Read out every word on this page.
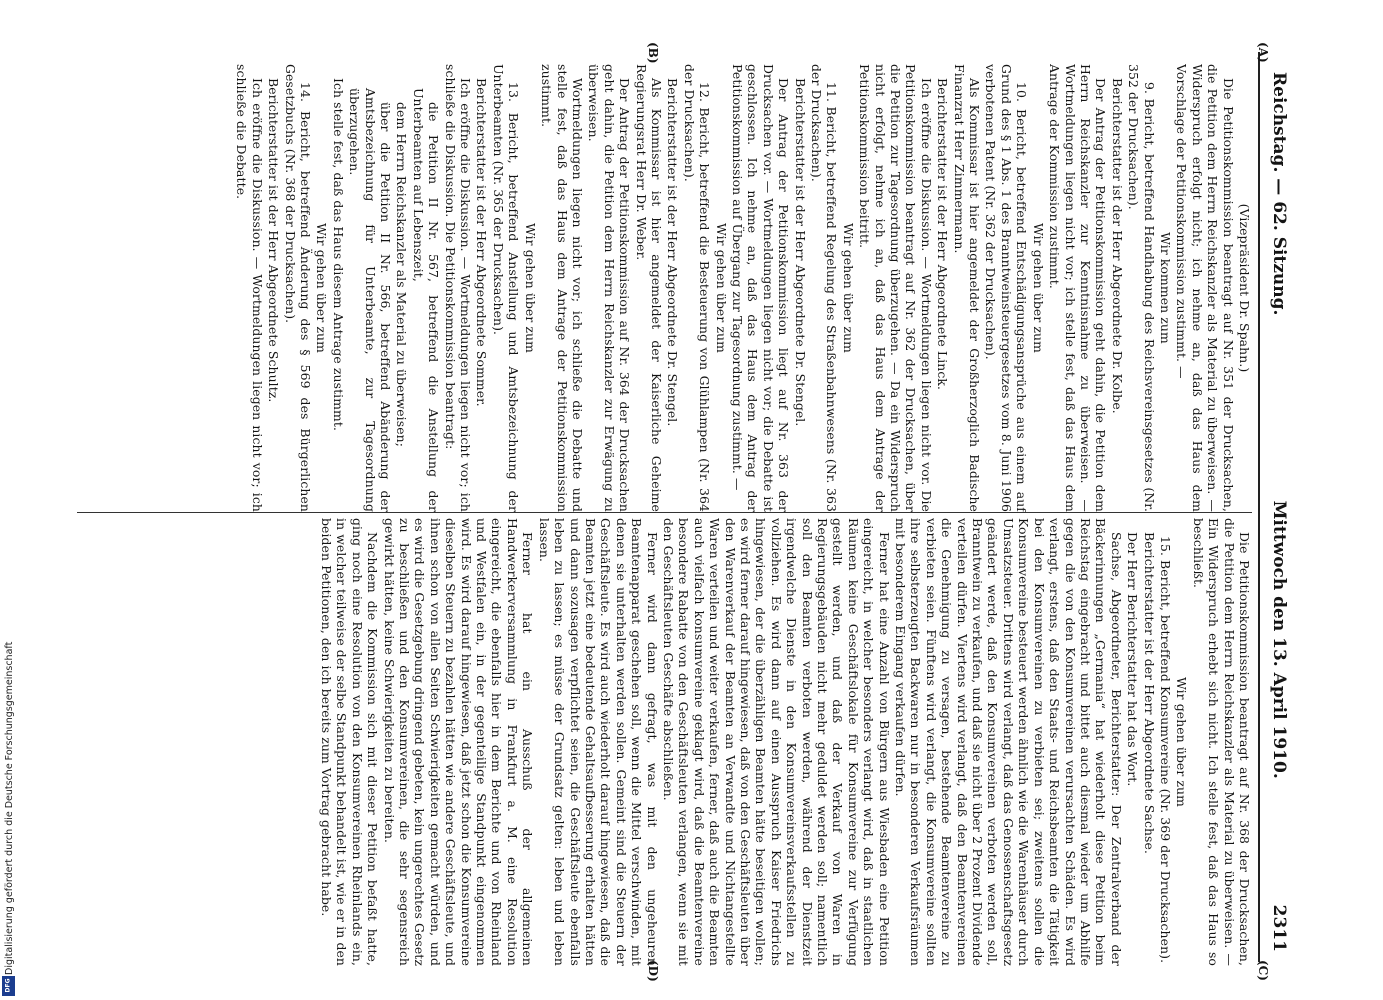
Reichstag. — 62. Sitzung.
Mittwoch den 13. April 1910. 2311
(A)
(B)
(C)
(D)

(Vizepräsident Dr. Spahn.)

Die Petitionskommission beantragt auf Nr. 351 der Drucksachen, die Petition dem Herrn Reichskanzler als Material zu überweisen. — Widerspruch erfolgt nicht; ich nehme an, daß das Haus dem Vorschlage der Petitionskommission zustimmt. —

Wir kommen zum

9. Bericht, betreffend Handhabung des Reichsvereinsgesetzes (Nr. 352 der Drucksachen).

Berichterstatter ist der Herr Abgeordnete Dr. Kolbe.

Der Antrag der Petitionskommission geht dahin, die Petition dem Herrn Reichskanzler zur Kenntnisnahme zu überweisen. — Wortmeldungen liegen nicht vor; ich stelle fest, daß das Haus dem Antrage der Kommission zustimmt.

Wir gehen über zum

10. Bericht, betreffend Entschädigungsansprüche aus einem auf Grund des § 1 Abs. 1 des Branntweinsteuergesetzes vom 8. Juni 1906 verbotenen Patent (Nr. 362 der Drucksachen).

Als Kommissar ist hier angemeldet der Großherzoglich Badische Finanzrat Herr Zimmermann.

Berichterstatter ist der Herr Abgeordnete Linck.

Ich eröffne die Diskussion. — Wortmeldungen liegen nicht vor. Die Petitionskommission beantragt auf Nr. 362 der Drucksachen, über die Petition zur Tagesordnung überzugehen. — Da ein Widerspruch nicht erfolgt, nehme ich an, daß das Haus dem Antrage der Petitionskommission beitritt.

Wir gehen über zum

11. Bericht, betreffend Regelung des Straßenbahnwesens (Nr. 363 der Drucksachen).

Berichterstatter ist der Herr Abgeordnete Dr. Stengel.

Der Antrag der Petitionskommission liegt auf Nr. 363 der Drucksachen vor. — Wortmeldungen liegen nicht vor; die Debatte ist geschlossen. Ich nehme an, daß das Haus dem Antrag der Petitionskommission auf Übergang zur Tagesordnung zustimmt. —

Wir gehen über zum

12. Bericht, betreffend die Besteuerung von Glühlampen (Nr. 364 der Drucksachen).

Berichterstatter ist der Herr Abgeordnete Dr. Stengel.

Als Kommissar ist hier angemeldet der Kaiserliche Geheime Regierungsrat Herr Dr. Weber.

Der Antrag der Petitionskommission auf Nr. 364 der Drucksachen geht dahin, die Petition dem Herrn Reichskanzler zur Erwägung zu überweisen.

Wortmeldungen liegen nicht vor; ich schließe die Debatte und stelle fest, daß das Haus dem Antrage der Petitionskommission zustimmt.

Wir gehen über zum

13. Bericht, betreffend Anstellung und Amtsbezeichnung der Unterbeamten (Nr. 365 der Drucksachen).

Berichterstatter ist der Herr Abgeordnete Sommer.

Ich eröffne die Diskussion. — Wortmeldungen liegen nicht vor; ich schließe die Diskussion. Die Petitionskommission beantragt:

die Petition II Nr. 567, betreffend die Anstellung der Unterbeamten auf Lebenszeit,

dem Herrn Reichskanzler als Material zu überweisen;

über die Petition II Nr. 566, betreffend Abänderung der Amtsbezeichnung für Unterbeamte, zur Tagesordnung überzugehen.

Ich stelle fest, daß das Haus diesem Antrage zustimmt.

Wir gehen über zum

14. Bericht, betreffend Änderung des § 569 des Bürgerlichen Gesetzbuchs (Nr. 368 der Drucksachen).

Berichterstatter ist der Herr Abgeordnete Schultz.

Ich eröffne die Diskussion. — Wortmeldungen liegen nicht vor; ich schließe die Debatte.

Die Petitionskommission beantragt auf Nr. 368 der Drucksachen, die Petition dem Herrn Reichskanzler als Material zu überweisen. — Ein Widerspruch erhebt sich nicht. Ich stelle fest, daß das Haus so beschließt.

Wir gehen über zum

15. Bericht, betreffend Konsumvereine (Nr. 369 der Drucksachen).

Berichterstatter ist der Herr Abgeordnete Sachse.

Der Herr Berichterstatter hat das Wort.

Sachse, Abgeordneter, Berichterstatter: Der Zentralverband der Bäckerinnungen „Germania“ hat wiederholt diese Petition beim Reichstag eingebracht und bittet auch diesmal wieder um Abhilfe gegen die von den Konsumvereinen verursachten Schäden. Es wird verlangt, erstens, daß den Staats- und Reichsbeamten die Tätigkeit bei den Konsumvereinen zu verbieten sei; zweitens sollen die Konsumvereine besteuert werden ähnlich wie die Warenhäuser durch Umsatzsteuer. Drittens wird verlangt, daß das Genossenschaftsgesetz geändert werde, daß den Konsumvereinen verboten werden soll, Branntwein zu verkaufen, und daß sie nicht über 2 Prozent Dividende verteilen dürfen. Viertens wird verlangt, daß den Beamtenvereinen die Genehmigung zu versagen, bestehende Beamtenvereine zu verbieten seien. Fünftens wird verlangt, die Konsumvereine sollten ihre selbsterzeugten Backwaren nur in besonderen Verkaufsräumen mit besonderem Eingang verkaufen dürfen.

Ferner hat eine Anzahl von Bürgern aus Wiesbaden eine Petition eingereicht, in welcher besonders verlangt wird, daß in staatlichen Räumen keine Geschäftslokale für Konsumvereine zur Verfügung gestellt werden, und daß der Verkauf von Waren in Regierungsgebäuden nicht mehr geduldet werden soll; namentlich soll den Beamten verboten werden, während der Dienstzeit irgendwelche Dienste in den Konsumvereinsverkaufsstellen zu vollziehen. Es wird dann auf einen Ausspruch Kaiser Friedrichs hingewiesen, der die überzähligen Beamten hätte beseitigen wollen; es wird ferner darauf hingewiesen, daß von den Geschäftsleuten über den Warenverkauf der Beamten an Verwandte und Nichtangestellte Waren verteilen und weiter verkaufen, ferner, daß auch die Beamten auch vielfach konsumvereine geklagt wird, daß die Beamtenvereine besondere Rabatte von den Geschäftsleuten verlangen, wenn sie mit den Geschäftsleuten Geschäfte abschließen.

Ferner wird dann gefragt, was mit den ungeheuren Beamtenapparat geschehen soll, wenn die Mittel verschwinden, mit denen sie unterhalten werden sollen. Gemeint sind die Steuern der Geschäftsleute. Es wird auch wiederholt darauf hingewiesen, daß die Beamten jetzt eine bedeutende Gehaltsaufbesserung erhalten hätten und dann sozusagen verpflichtet seien, die Geschäftsleute ebenfalls leben zu lassen; es müsse der Grundsatz gelten: leben und leben lassen.

Ferner hat ein Ausschuß der allgemeinen Handwerkerversammlung in Frankfurt a. M. eine Resolution eingereicht, die ebenfalls hier in dem Berichte und von Rheinland und Westfalen ein, in der gegenteilige Standpunkt eingenommen wird. Es wird darauf hingewiesen, daß jetzt schon die Konsumvereine dieselben Steuern zu bezahlen hätten wie andere Geschäftsleute, und ihnen schon von allen Seiten Schwierigkeiten gemacht würden, und es wird die Gesetzgebung dringend gebeten, kein ungerechtes Gesetz zu beschließen und den Konsumvereinen, die sehr segensreich gewirkt hätten, keine Schwierigkeiten zu bereiten.

Nachdem die Kommission sich mit dieser Petition befaßt hatte, ging noch eine Resolution von den Konsumvereinen Rheinlands ein, in welcher teilweise der selbe Standpunkt behandelt ist, wie er in den beiden Petitionen, den ich bereits zum Vortrag gebracht habe.

Digitalisierung gefördert durch die Deutsche Forschungsgemeinschaft
DFG
